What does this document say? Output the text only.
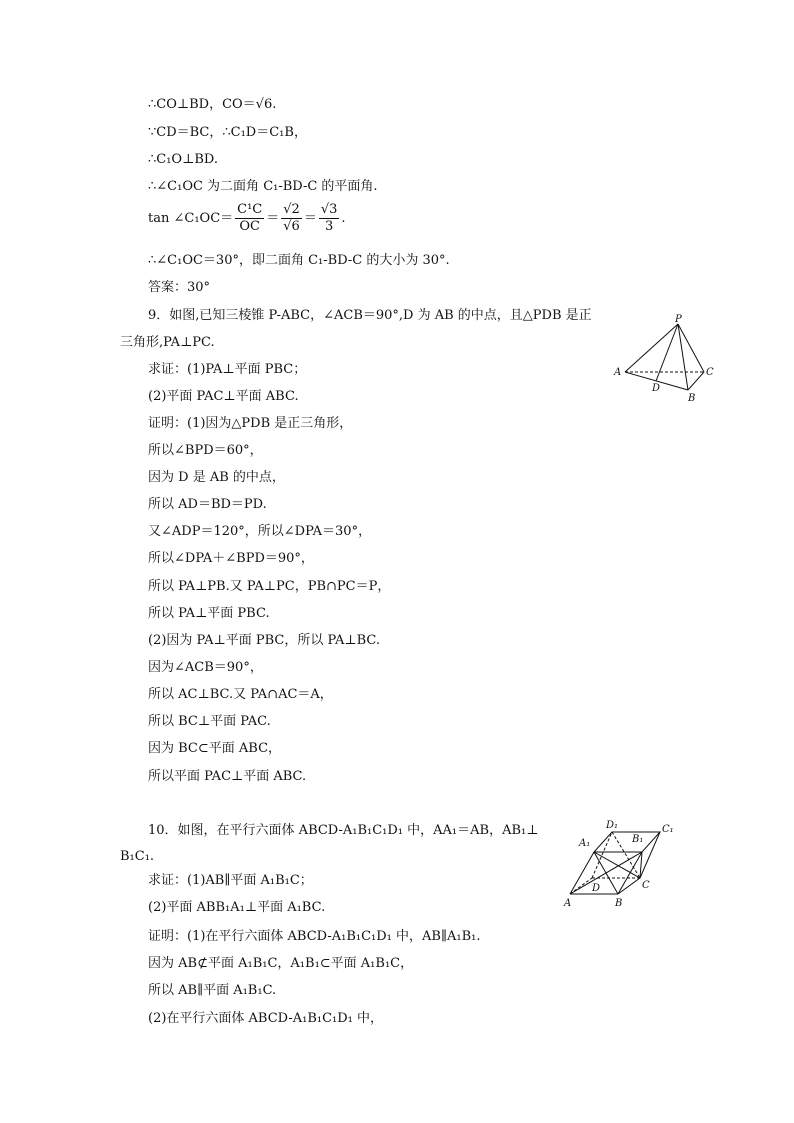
∴CO⊥BD，CO＝√6.
∵CD＝BC，∴C₁D＝C₁B，
∴C₁O⊥BD.
∴∠C₁OC 为二面角 C₁-BD-C 的平面角.
tan ∠C₁OC＝ $\frac{\text{C¹C}}{OC} = \frac{√2}{√6} = \frac{√3}{3}$ .
∴∠C₁OC＝30°，即二面角 C₁-BD-C 的大小为 30°.
答案：30°
9．如图,已知三棱锥 P-ABC，∠ACB＝90°,D 为 AB 的中点，且△PDB 是正
三角形,PA⊥PC.
求证：(1)PA⊥平面 PBC；
(2)平面 PAC⊥平面 ABC.
证明：(1)因为△PDB 是正三角形，
所以∠BPD＝60°，
因为 D 是 AB 的中点，
所以 AD＝BD＝PD.
又∠ADP＝120°，所以∠DPA＝30°，
所以∠DPA＋∠BPD＝90°，
所以 PA⊥PB.又 PA⊥PC，PB∩PC＝P，
所以 PA⊥平面 PBC.
(2)因为 PA⊥平面 PBC，所以 PA⊥BC.
因为∠ACB＝90°，
所以 AC⊥BC.又 PA∩AC＝A，
所以 BC⊥平面 PAC.
因为 BC⊂平面 ABC，
所以平面 PAC⊥平面 ABC.
10．如图，在平行六面体 ABCD-A₁B₁C₁D₁ 中，AA₁＝AB，AB₁⊥
B₁C₁.
求证：(1)AB∥平面 A₁B₁C；
(2)平面 ABB₁A₁⊥平面 A₁BC.
证明：(1)在平行六面体 ABCD-A₁B₁C₁D₁ 中，AB∥A₁B₁.
因为 AB⊄平面 A₁B₁C，A₁B₁⊂平面 A₁B₁C，
所以 AB∥平面 A₁B₁C.
(2)在平行六面体 ABCD-A₁B₁C₁D₁ 中，
P
A	C
D
B
D₁	C₁
A₁	B₁
D	C
A	B
